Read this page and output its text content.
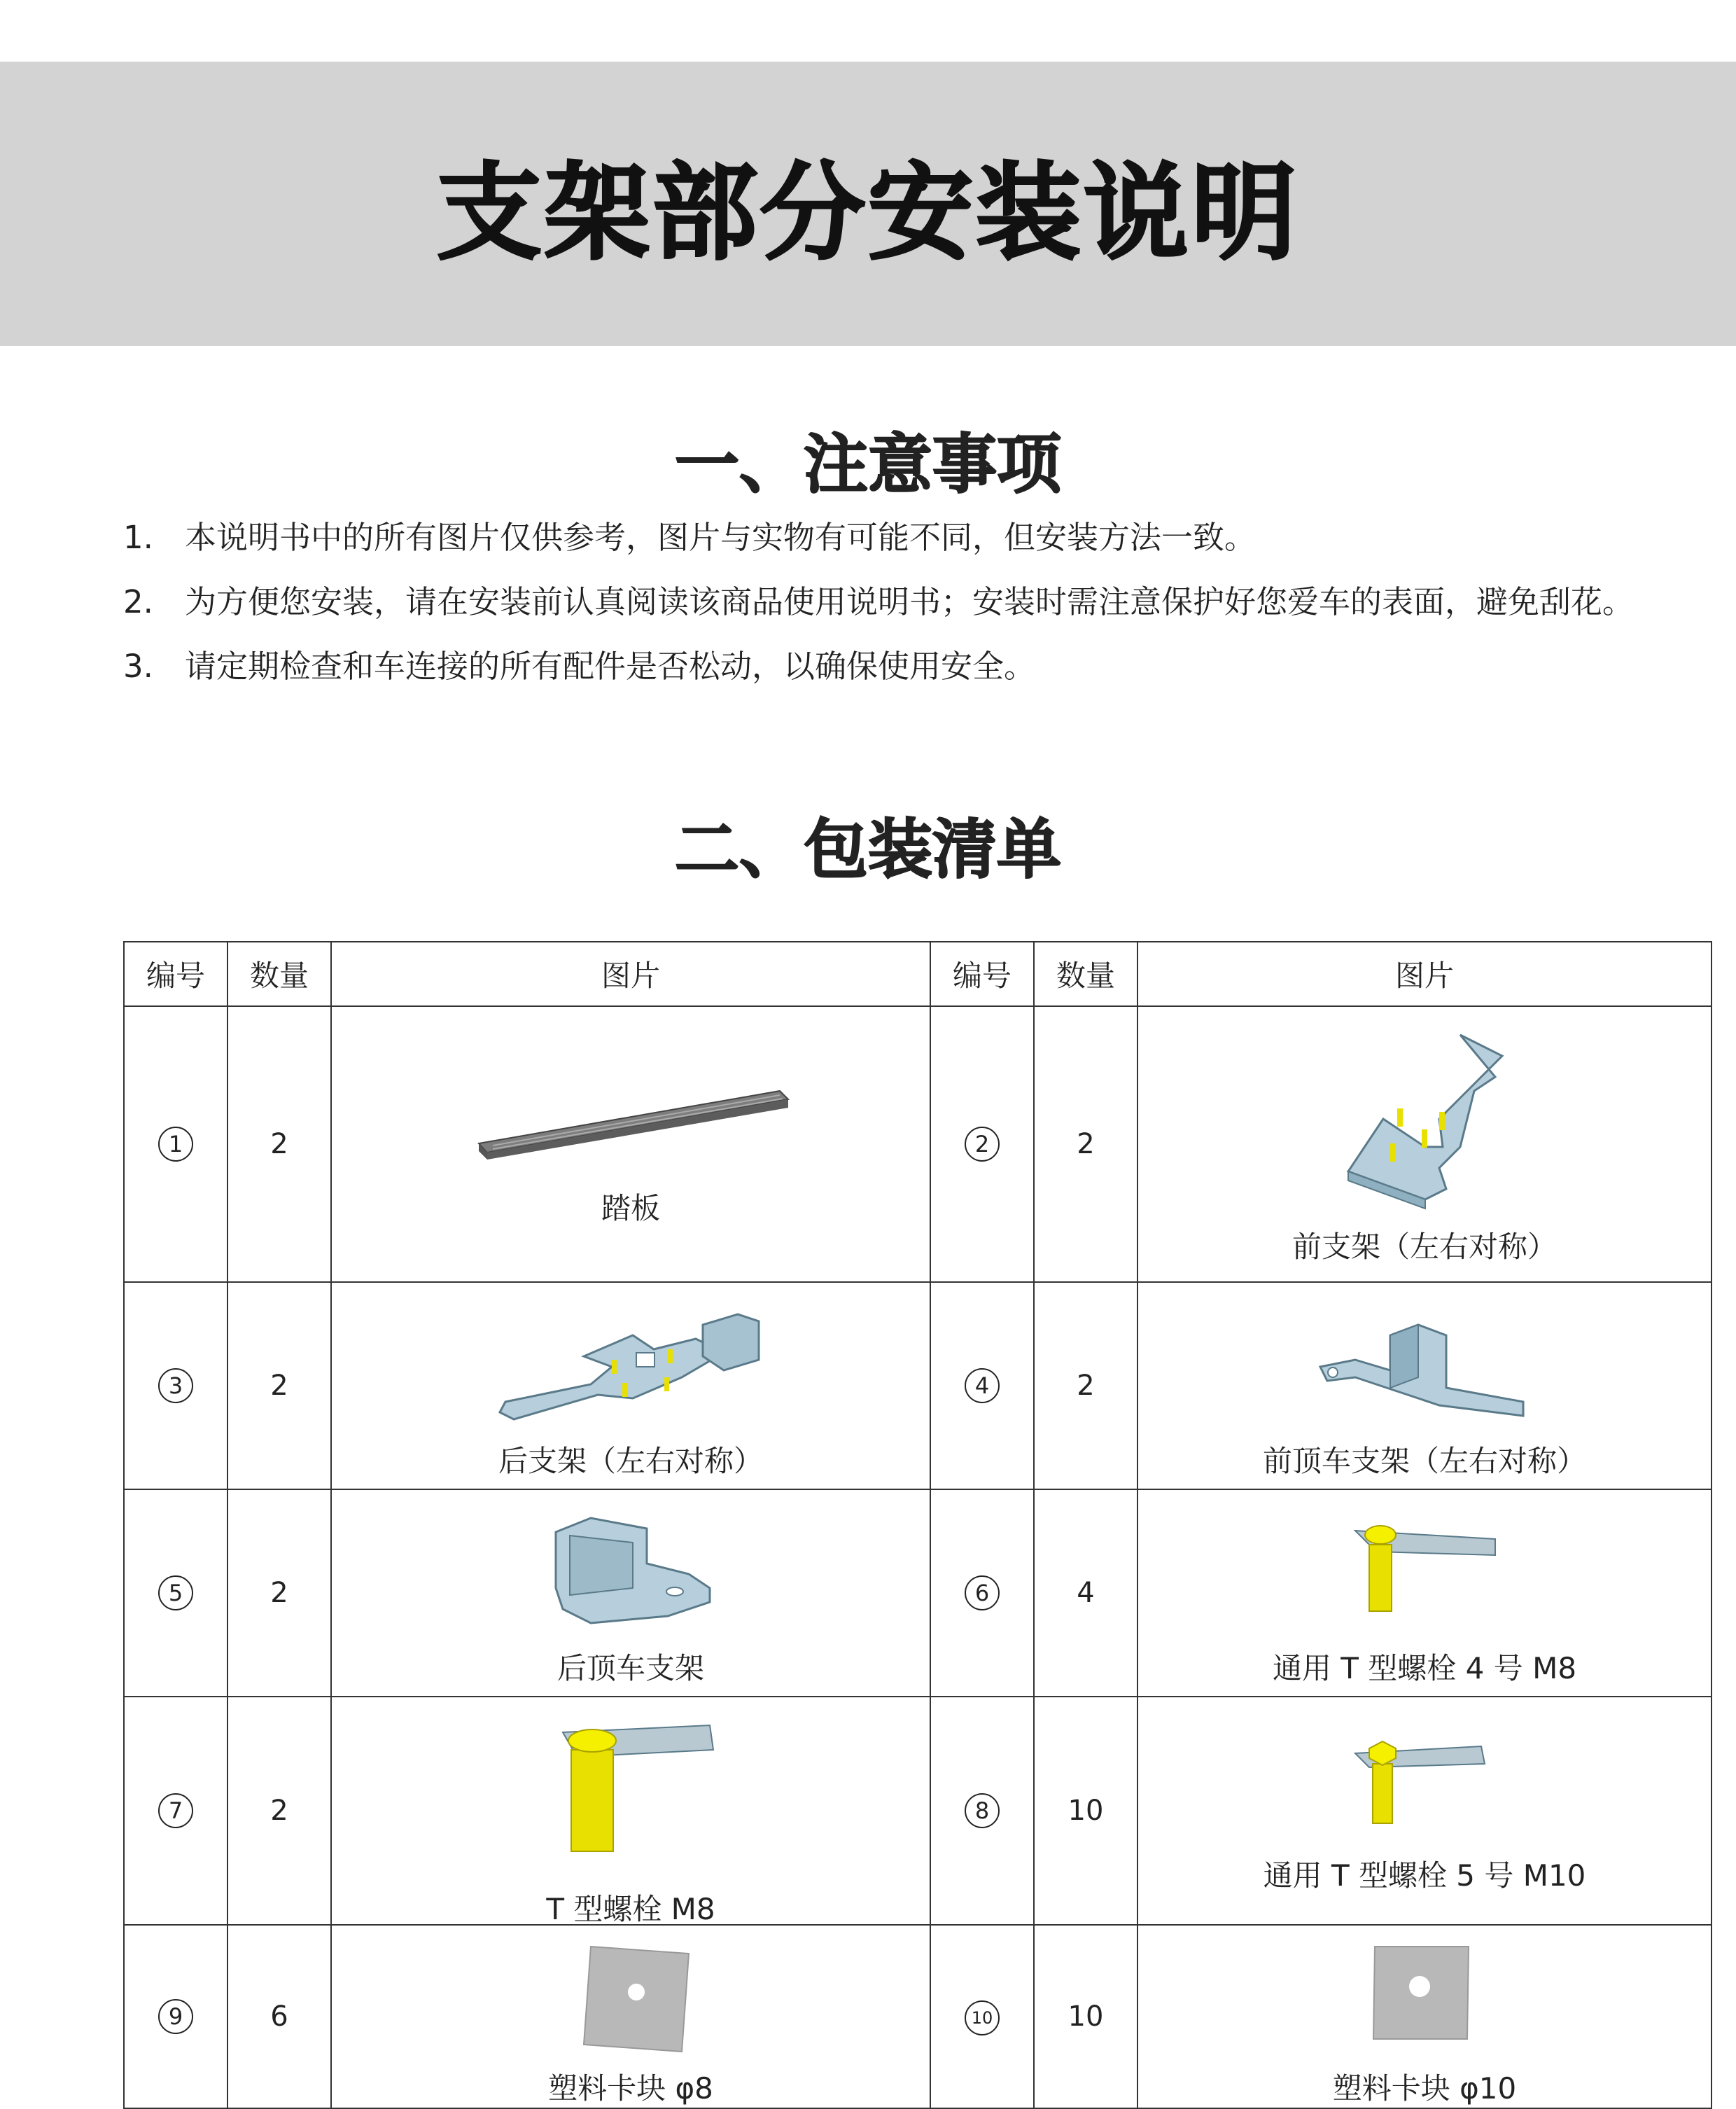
支架部分安装说明
一、注意事项
1.	本说明书中的所有图片仅供参考，图片与实物有可能不同，但安装方法一致。
2.	为方便您安装，请在安装前认真阅读该商品使用说明书；安装时需注意保护好您爱车的表面，避免刮花。
3.	请定期检查和车连接的所有配件是否松动，以确保使用安全。
二、包装清单
编号	数量	图片	编号	数量	图片
1	2	踏板	2	2	前支架（左右对称）

3	2	后支架（左右对称）	4	2	前顶车支架（左右对称）

5	2	后顶车支架	6	4	通用 T 型螺栓 4 号 M8

7	2	T 型螺栓 M8	8	10	通用 T 型螺栓 5 号 M10

9	6	塑料卡块 φ8	10	10	塑料卡块 φ10
